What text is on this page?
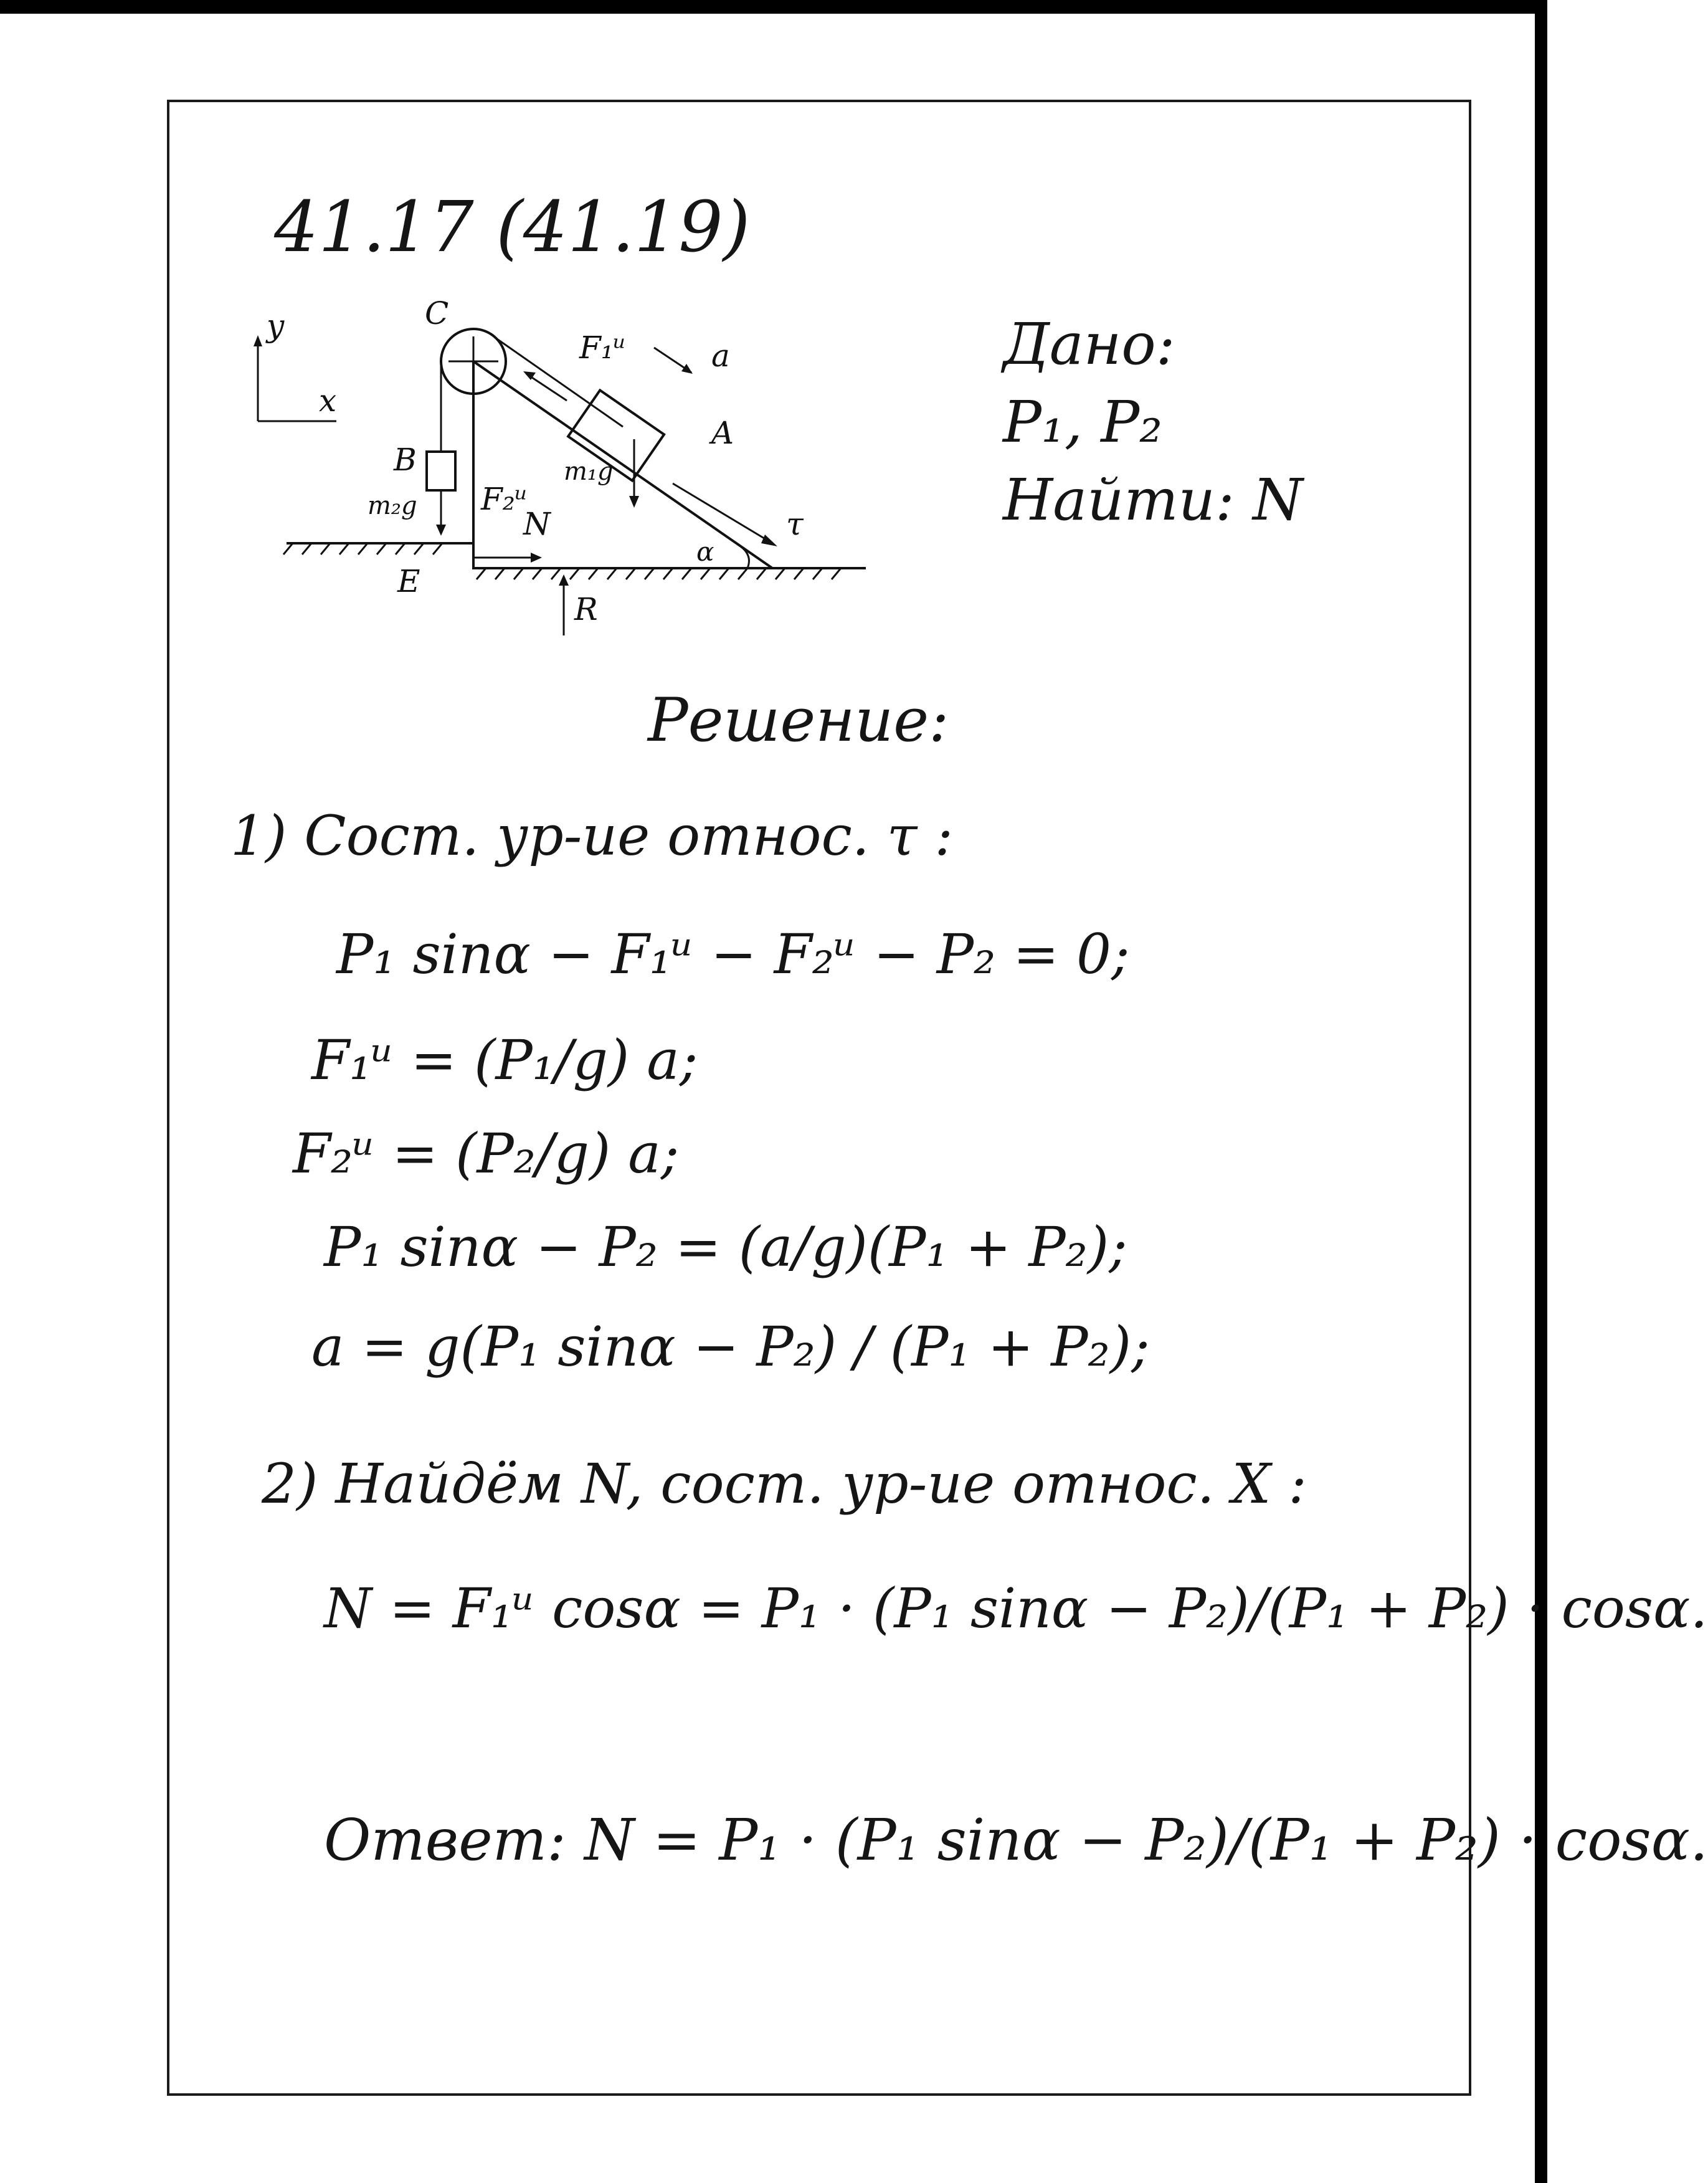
41.17 (41.19)
C
y
x
B
A
E
R
N
F₁ᵘ
F₂ᵘ
a
τ
α
m₁g
m₂g
Дано:
P₁, P₂
Найти: N
Решение:
1) Сост. ур-ие относ. τ :
P₁ sinα − F₁ᵘ − F₂ᵘ − P₂ = 0;
F₁ᵘ = (P₁/g) a;
F₂ᵘ = (P₂/g) a;
P₁ sinα − P₂ = (a/g)(P₁ + P₂);
a = g(P₁ sinα − P₂) / (P₁ + P₂);
2) Найдём N, сост. ур-ие относ. X :
N = F₁ᵘ cosα = P₁ · (P₁ sinα − P₂)/(P₁ + P₂) · cosα.
Ответ: N = P₁ · (P₁ sinα − P₂)/(P₁ + P₂) · cosα.
